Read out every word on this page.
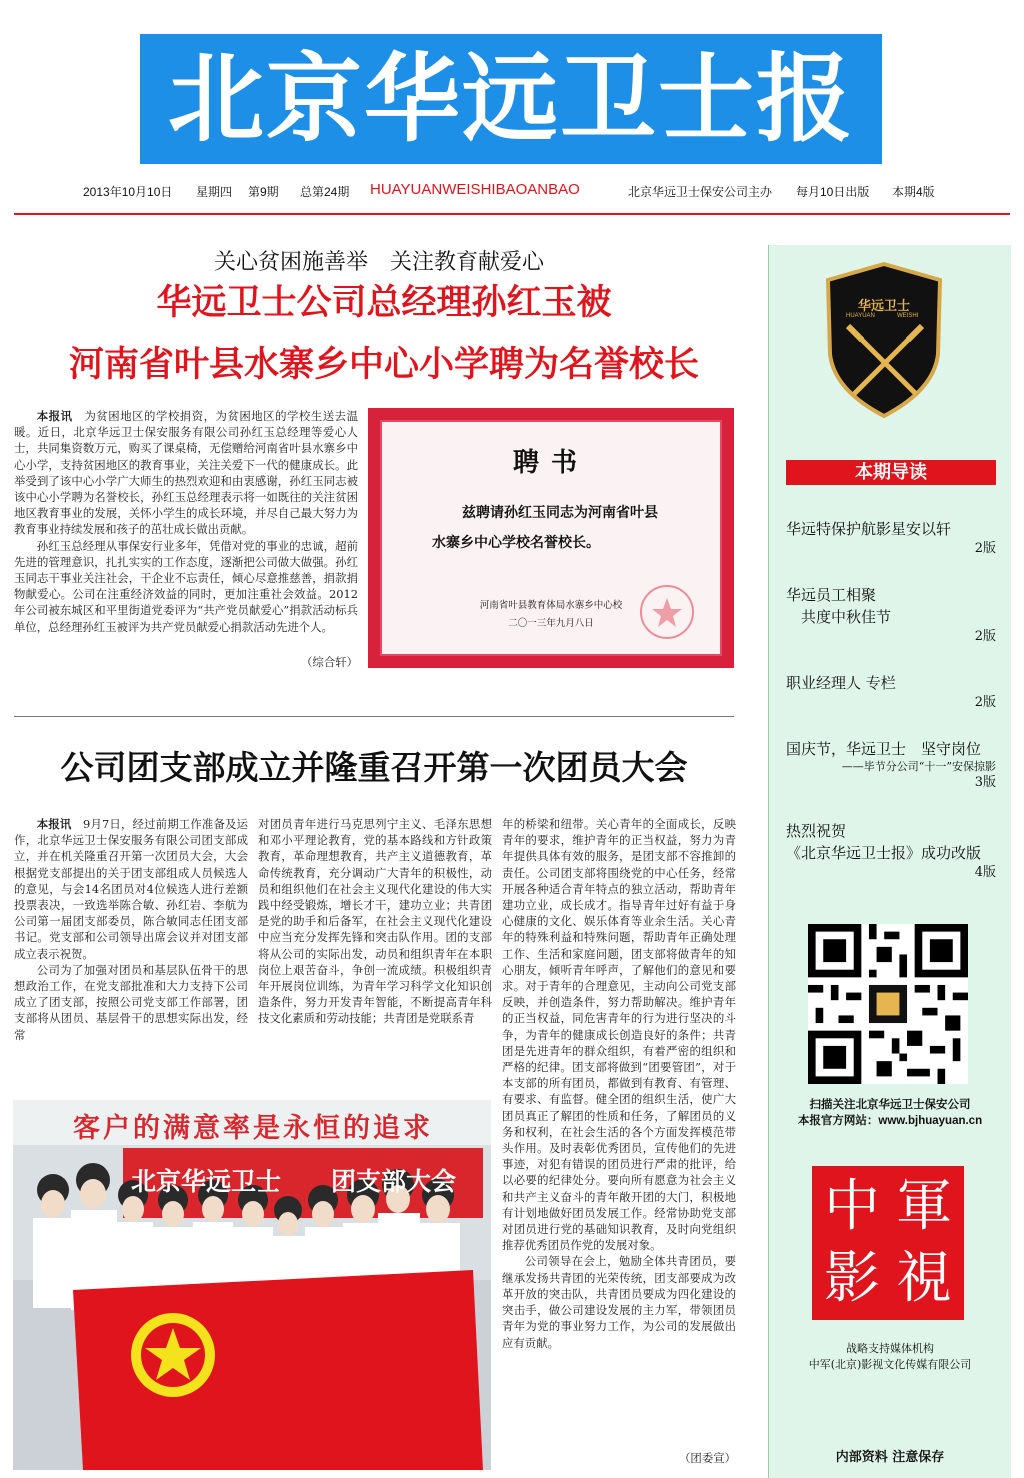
北京华远卫士报
2013年10月10日 星期四 第9期 总第24期 HUAYUANWEISHIBAOANBAO	北京华远卫士保安公司主办 每月10日出版 本期4版
关心贫困施善举　关注教育献爱心
华远卫士公司总经理孙红玉被
河南省叶县水寨乡中心小学聘为名誉校长
本报讯　 为贫困地区的学校捐资，为贫困地区的学校生送去温暖。近日，北京华远卫士保安服务有限公司孙红玉总经理等爱心人士，共同集资数万元，购买了课桌椅，无偿赠给河南省叶县水寨乡中心小学，支持贫困地区的教育事业，关注关爱下一代的健康成长。此举受到了该中心小学广大师生的热烈欢迎和由衷感谢，孙红玉同志被该中心小学聘为名誉校长，孙红玉总经理表示将一如既往的关注贫困地区教育事业的发展，关怀小学生的成长环境，并尽自己最大努力为教育事业持续发展和孩子的茁壮成长做出贡献。
孙红玉总经理从事保安行业多年，凭借对党的事业的忠诚，超前先进的管理意识，扎扎实实的工作态度，逐渐把公司做大做强。孙红玉同志干事业关注社会，干企业不忘责任，倾心尽意推慈善，捐款捐物献爱心。公司在注重经济效益的同时，更加注重社会效益。2012年公司被东城区和平里街道党委评为“共产党员献爱心”捐款活动标兵单位，总经理孙红玉被评为共产党员献爱心捐款活动先进个人。
（综合轩）
聘书
兹聘请孙红玉同志为河南省叶县
水寨乡中心学校名誉校长。
河南省叶县教育体局水寨乡中心校
二〇一三年九月八日
公司团支部成立并隆重召开第一次团员大会
本报讯　 9月7日，经过前期工作准备及运作，北京华远卫士保安服务有限公司团支部成立，并在机关隆重召开第一次团员大会，大会根据党支部提出的关于团支部组成人员候选人的意见，与会14名团员对4位候选人进行差额投票表决，一致选举陈合敏、孙红岩、李航为公司第一届团支部委员，陈合敏同志任团支部书记。党支部和公司领导出席会议并对团支部成立表示祝贺。
公司为了加强对团员和基层队伍骨干的思想政治工作，在党支部批准和大力支持下公司成立了团支部，按照公司党支部工作部署，团支部将从团员、基层骨干的思想实际出发，经常
对团员青年进行马克思列宁主义、毛泽东思想和邓小平理论教育，党的基本路线和方针政策教育，革命理想教育，共产主义道德教育，革命传统教育，充分调动广大青年的积极性，动员和组织他们在社会主义现代化建设的伟大实践中经受锻炼，增长才干，建功立业；共青团是党的助手和后备军，在社会主义现代化建设中应当充分发挥先锋和突击队作用。团的支部将从公司的实际出发，动员和组织青年在本职岗位上艰苦奋斗，争创一流成绩。积极组织青年开展岗位训练，为青年学习科学文化知识创造条件，努力开发青年智能，不断提高青年科技文化素质和劳动技能；共青团是党联系青
年的桥梁和纽带。关心青年的全面成长，反映青年的要求，维护青年的正当权益，努力为青年提供具体有效的服务，是团支部不容推卸的责任。公司团支部将围绕党的中心任务，经常开展各种适合青年特点的独立活动，帮助青年建功立业，成长成才。指导青年过好有益于身心健康的文化、娱乐体育等业余生活。关心青年的特殊利益和特殊问题，帮助青年正确处理工作、生活和家庭问题，团支部将做青年的知心朋友，倾听青年呼声，了解他们的意见和要求。对于青年的合理意见，主动向公司党支部反映，并创造条件，努力帮助解决。维护青年的正当权益，同危害青年的行为进行坚决的斗争，为青年的健康成长创造良好的条件；共青团是先进青年的群众组织，有着严密的组织和严格的纪律。团支部将做到“团要管团”，对于本支部的所有团员，都做到有教育、有管理、有要求、有监督。健全团的组织生活，使广大团员真正了解团的性质和任务，了解团员的义务和权利，在社会生活的各个方面发挥模范带头作用。及时表彰优秀团员，宣传他们的先进事迹，对犯有错误的团员进行严肃的批评，给以必要的纪律处分。要向所有愿意为社会主义和共产主义奋斗的青年敞开团的大门，积极地有计划地做好团员发展工作。经常协助党支部对团员进行党的基础知识教育，及时向党组织推荐优秀团员作党的发展对象。
公司领导在会上，勉励全体共青团员，要继承发扬共青团的光荣传统，团支部要成为改革开放的突击队，共青团员要成为四化建设的突击手，做公司建设发展的主力军，带领团员青年为党的事业努力工作，为公司的发展做出应有贡献。
（团委宣）
客户的满意率是永恒的追求
北京华远卫士 团支部大会
华远卫士
HUAYUAN	WEISHI
本期导读
华远特保护航影星安以轩
2版
华远员工相聚
　共度中秋佳节
2版
职业经理人 专栏
2版
国庆节，华远卫士　坚守岗位
——毕节分公司“十一”安保掠影
3版
热烈祝贺
《北京华远卫士报》成功改版
4版
扫描关注北京华远卫士保安公司
本报官方网站：www.bjhuayuan.cn
中 軍
影 視
战略支持媒体机构
中军(北京)影视文化传媒有限公司
内部资料 注意保存
